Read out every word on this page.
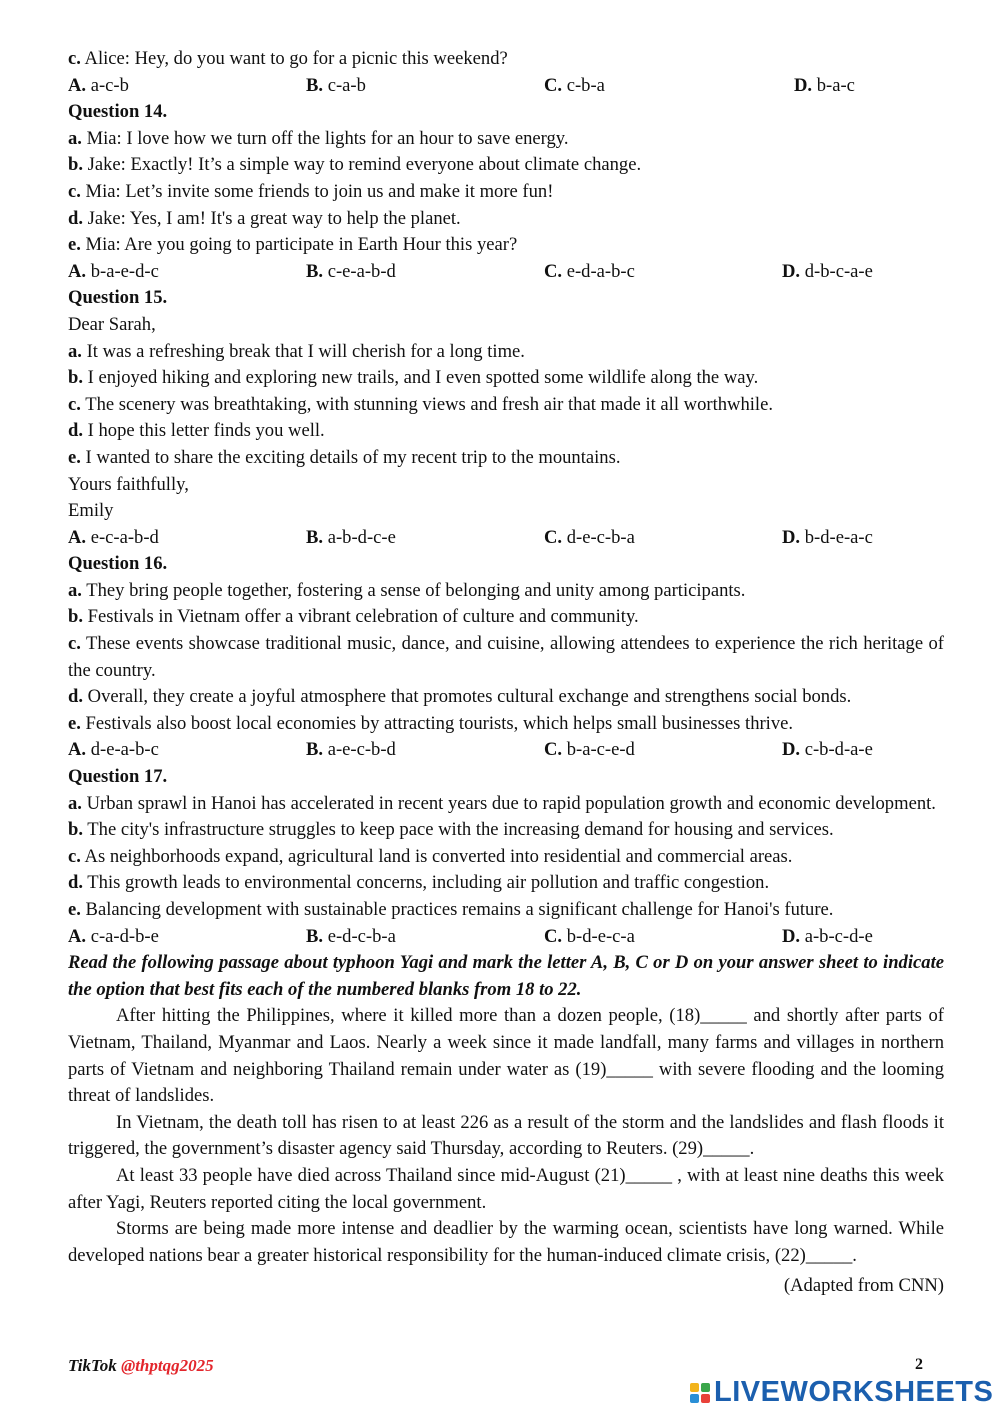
c. Alice: Hey, do you want to go for a picnic this weekend?
A. a-c-b	B. c-a-b	C. c-b-a	D. b-a-c
Question 14.
a. Mia: I love how we turn off the lights for an hour to save energy.
b. Jake: Exactly! It’s a simple way to remind everyone about climate change.
c. Mia: Let’s invite some friends to join us and make it more fun!
d. Jake: Yes, I am! It's a great way to help the planet.
e. Mia: Are you going to participate in Earth Hour this year?
A. b-a-e-d-c	B. c-e-a-b-d	C. e-d-a-b-c	D. d-b-c-a-e
Question 15.
Dear Sarah,
a. It was a refreshing break that I will cherish for a long time.
b. I enjoyed hiking and exploring new trails, and I even spotted some wildlife along the way.
c. The scenery was breathtaking, with stunning views and fresh air that made it all worthwhile.
d. I hope this letter finds you well.
e. I wanted to share the exciting details of my recent trip to the mountains.
Yours faithfully,
Emily
A. e-c-a-b-d	B. a-b-d-c-e	C. d-e-c-b-a	D. b-d-e-a-c
Question 16.
a. They bring people together, fostering a sense of belonging and unity among participants.
b. Festivals in Vietnam offer a vibrant celebration of culture and community.
c. These events showcase traditional music, dance, and cuisine, allowing attendees to experience the rich heritage of the country.
d. Overall, they create a joyful atmosphere that promotes cultural exchange and strengthens social bonds.
e. Festivals also boost local economies by attracting tourists, which helps small businesses thrive.
A. d-e-a-b-c	B. a-e-c-b-d	C. b-a-c-e-d	D. c-b-d-a-e
Question 17.
a. Urban sprawl in Hanoi has accelerated in recent years due to rapid population growth and economic development.
b. The city's infrastructure struggles to keep pace with the increasing demand for housing and services.
c. As neighborhoods expand, agricultural land is converted into residential and commercial areas.
d. This growth leads to environmental concerns, including air pollution and traffic congestion.
e. Balancing development with sustainable practices remains a significant challenge for Hanoi's future.
A. c-a-d-b-e	B. e-d-c-b-a	C. b-d-e-c-a	D. a-b-c-d-e
Read the following passage about typhoon Yagi and mark the letter A, B, C or D on your answer sheet to indicate the option that best fits each of the numbered blanks from 18 to 22.
After hitting the Philippines, where it killed more than a dozen people, (18)_____ and shortly after parts of Vietnam, Thailand, Myanmar and Laos. Nearly a week since it made landfall, many farms and villages in northern parts of Vietnam and neighboring Thailand remain under water as (19)_____ with severe flooding and the looming threat of landslides.
In Vietnam, the death toll has risen to at least 226 as a result of the storm and the landslides and flash floods it triggered, the government’s disaster agency said Thursday, according to Reuters. (29)_____.
At least 33 people have died across Thailand since mid-August (21)_____ , with at least nine deaths this week after Yagi, Reuters reported citing the local government.
Storms are being made more intense and deadlier by the warming ocean, scientists have long warned. While developed nations bear a greater historical responsibility for the human-induced climate crisis, (22)_____.
(Adapted from CNN)
TikTok @thptqg2025	2
LIVEWORKSHEETS
